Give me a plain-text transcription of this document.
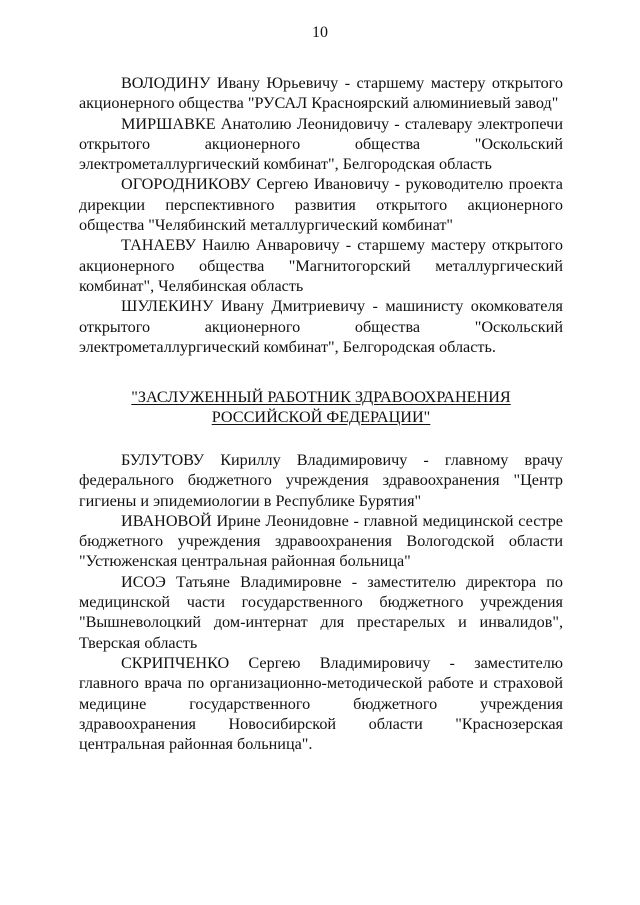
10

ВОЛОДИНУ Ивану Юрьевичу - старшему мастеру открытого акционерного общества "РУСАЛ Красноярский алюминиевый завод"

МИРШАВКЕ Анатолию Леонидовичу - сталевару электропечи открытого акционерного общества "Оскольский электрометаллургический комбинат", Белгородская область

ОГОРОДНИКОВУ Сергею Ивановичу - руководителю проекта дирекции перспективного развития открытого акционерного общества "Челябинский металлургический комбинат"

ТАНАЕВУ Наилю Анваровичу - старшему мастеру открытого акционерного общества "Магнитогорский металлургический комбинат", Челябинская область

ШУЛЕКИНУ Ивану Дмитриевичу - машинисту окомкователя открытого акционерного общества "Оскольский электрометаллургический комбинат", Белгородская область.

"ЗАСЛУЖЕННЫЙ РАБОТНИК ЗДРАВООХРАНЕНИЯ
РОССИЙСКОЙ ФЕДЕРАЦИИ"

БУЛУТОВУ Кириллу Владимировичу - главному врачу федерального бюджетного учреждения здравоохранения "Центр гигиены и эпидемиологии в Республике Бурятия"

ИВАНОВОЙ Ирине Леонидовне - главной медицинской сестре бюджетного учреждения здравоохранения Вологодской области "Устюженская центральная районная больница"

ИСОЭ Татьяне Владимировне - заместителю директора по медицинской части государственного бюджетного учреждения "Вышневолоцкий дом-интернат для престарелых и инвалидов", Тверская область

СКРИПЧЕНКО Сергею Владимировичу - заместителю главного врача по организационно-методической работе и страховой медицине государственного бюджетного учреждения здравоохранения Новосибирской области "Краснозерская центральная районная больница".
